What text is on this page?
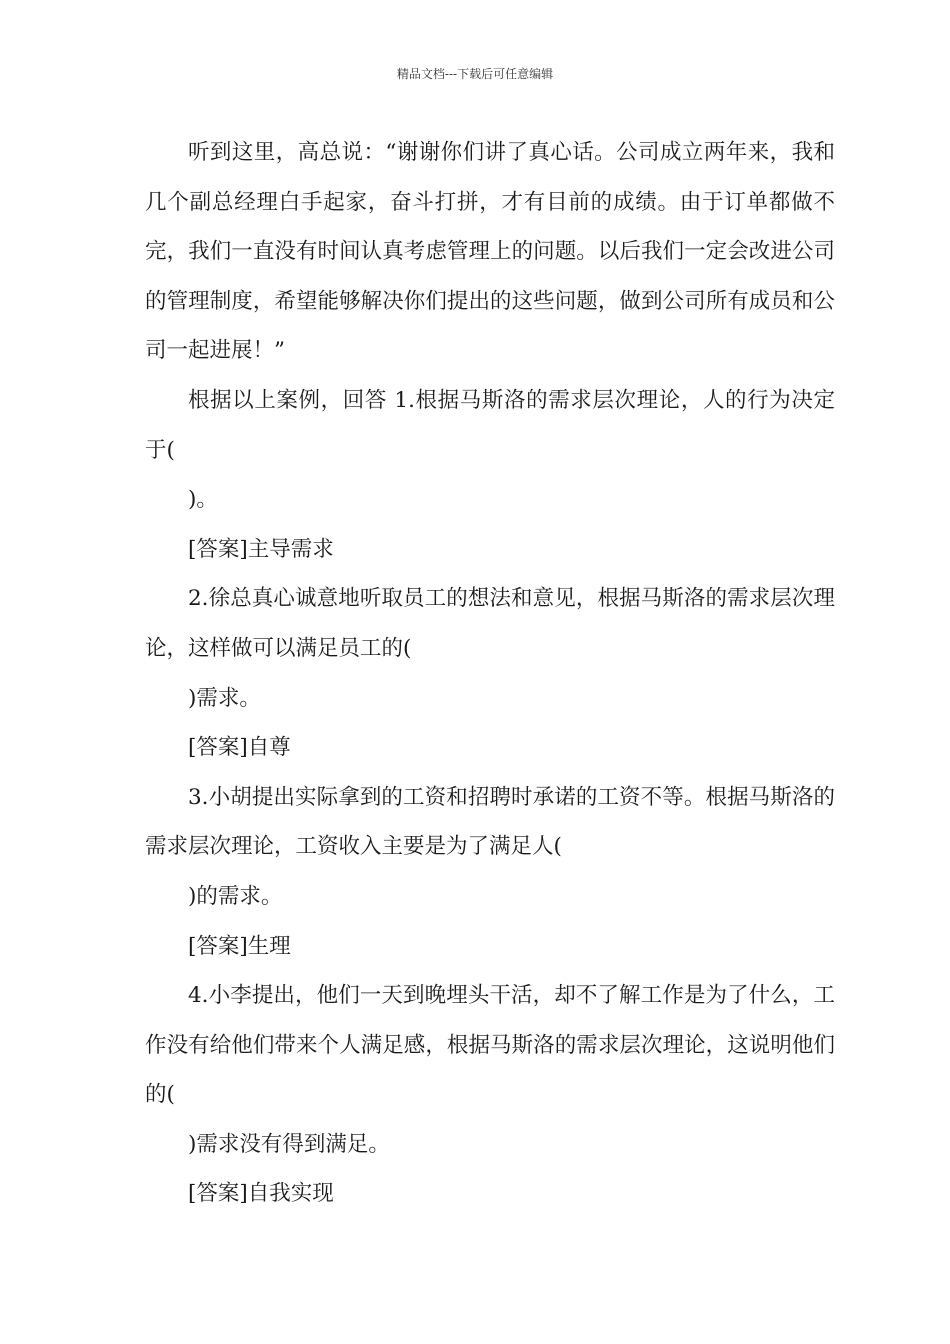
精品文档---下载后可任意编辑

听到这里，高总说：“谢谢你们讲了真心话。公司成立两年来，我和几个副总经理白手起家，奋斗打拼，才有目前的成绩。由于订单都做不完，我们一直没有时间认真考虑管理上的问题。以后我们一定会改进公司的管理制度，希望能够解决你们提出的这些问题，做到公司所有成员和公司一起进展！”

根据以上案例，回答 1.根据马斯洛的需求层次理论，人的行为决定于(

)。

[答案]主导需求

2.徐总真心诚意地听取员工的想法和意见，根据马斯洛的需求层次理论，这样做可以满足员工的(

)需求。

[答案]自尊

3.小胡提出实际拿到的工资和招聘时承诺的工资不等。根据马斯洛的需求层次理论，工资收入主要是为了满足人(

)的需求。

[答案]生理

4.小李提出，他们一天到晚埋头干活，却不了解工作是为了什么，工作没有给他们带来个人满足感，根据马斯洛的需求层次理论，这说明他们的(

)需求没有得到满足。

[答案]自我实现
